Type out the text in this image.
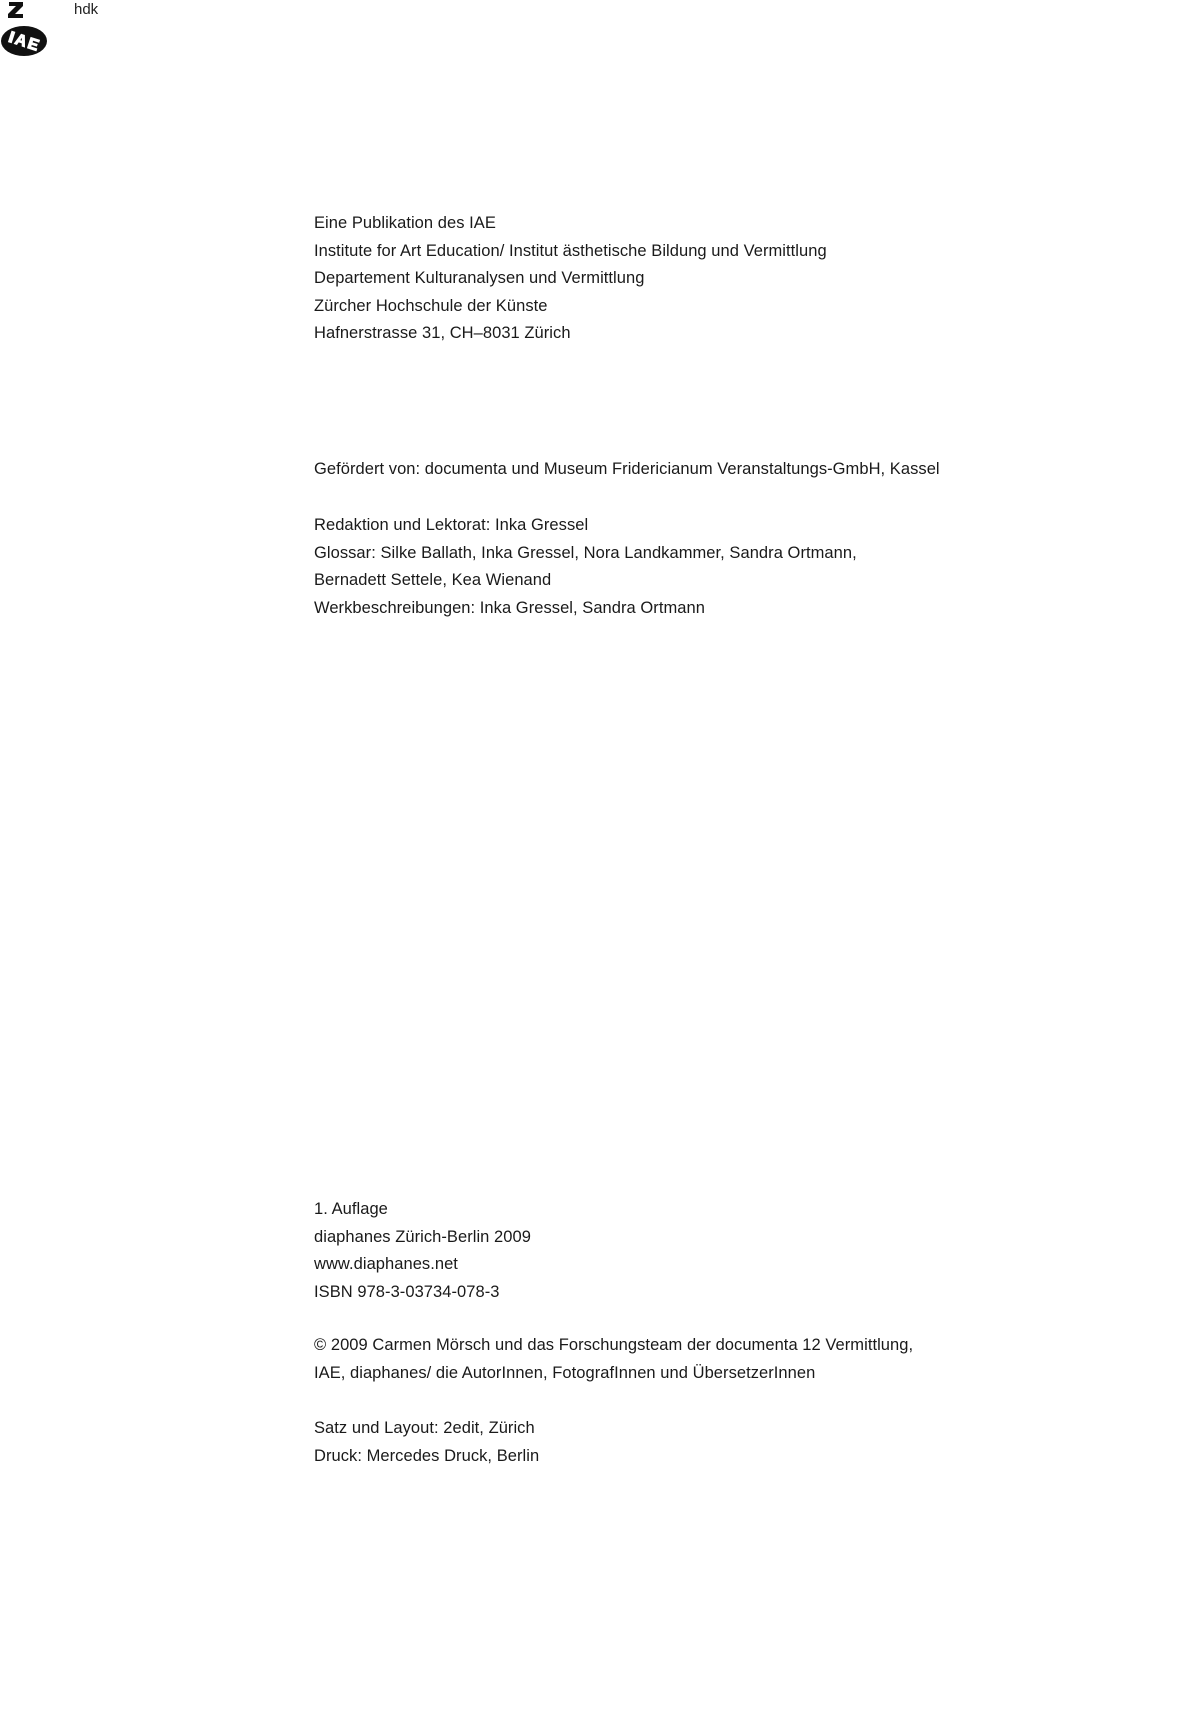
Eine Publikation des IAE
Institute for Art Education/ Institut ästhetische Bildung und Vermittlung
Departement Kulturanalysen und Vermittlung
Zürcher Hochschule der Künste
Hafnerstrasse 31, CH–8031 Zürich
hdk
Gefördert von: documenta und Museum Fridericianum Veranstaltungs-GmbH, Kassel
Redaktion und Lektorat: Inka Gressel
Glossar: Silke Ballath, Inka Gressel, Nora Landkammer, Sandra Ortmann,
Bernadett Settele, Kea Wienand
Werkbeschreibungen: Inka Gressel, Sandra Ortmann
1. Auflage
diaphanes Zürich-Berlin 2009
www.diaphanes.net
ISBN 978-3-03734-078-3
© 2009 Carmen Mörsch und das Forschungsteam der documenta 12 Vermittlung,
IAE, diaphanes/ die AutorInnen, FotografInnen und ÜbersetzerInnen
Satz und Layout: 2edit, Zürich
Druck: Mercedes Druck, Berlin
